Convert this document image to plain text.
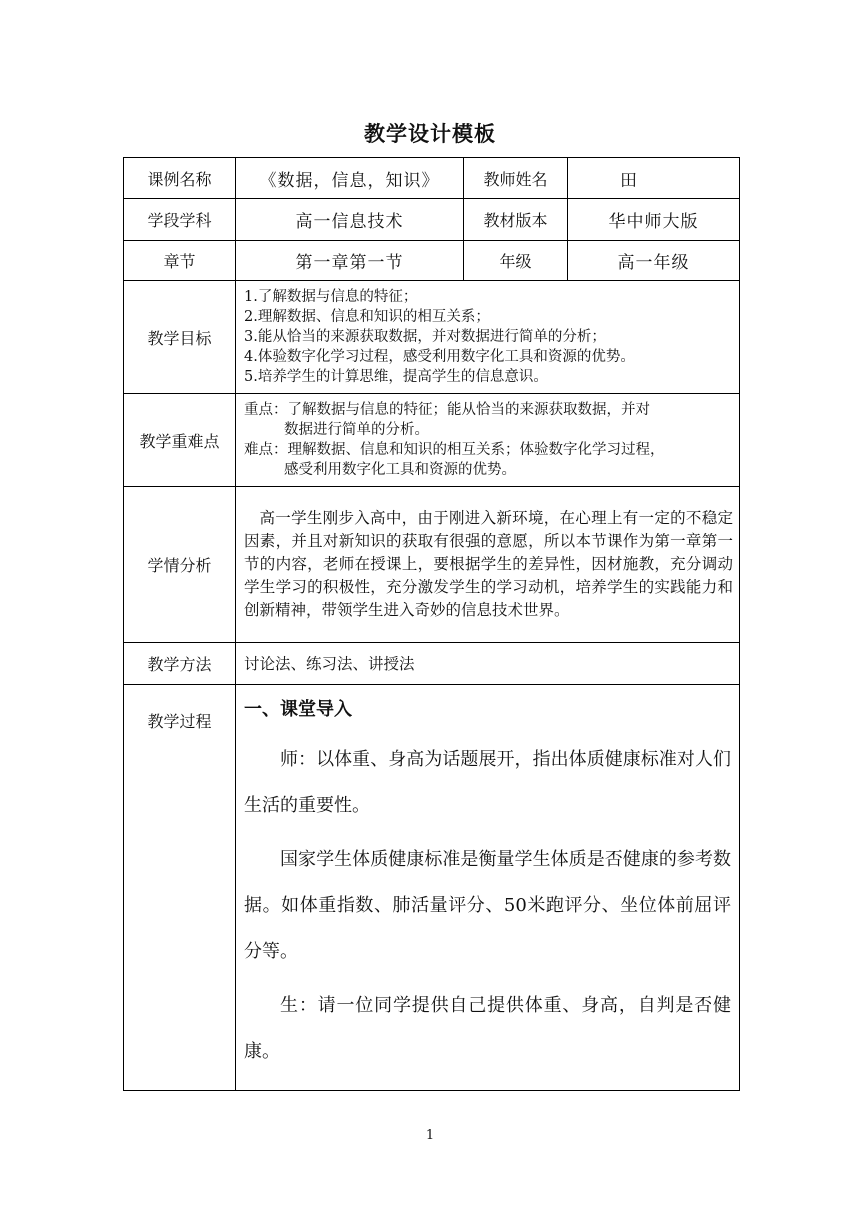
教学设计模板
课例名称	《数据，信息，知识》	教师姓名	田
学段学科	高一信息技术	教材版本	华中师大版
章节	第一章第一节	年级	高一年级
教学目标	1.了解数据与信息的特征；
2.理解数据、信息和知识的相互关系；
3.能从恰当的来源获取数据，并对数据进行简单的分析；
4.体验数字化学习过程，感受利用数字化工具和资源的优势。
5.培养学生的计算思维，提高学生的信息意识。		

教学重难点	重点：了解数据与信息的特征；能从恰当的来源获取数据，并对
数据进行简单的分析。
难点：理解数据、信息和知识的相互关系；体验数字化学习过程，
感受利用数字化工具和资源的优势。		

学情分析	高一学生刚步入高中，由于刚进入新环境，在心理上有一定的不稳定因素，并且对新知识的获取有很强的意愿，所以本节课作为第一章第一节的内容，老师在授课上，要根据学生的差异性，因材施教，充分调动学生学习的积极性，充分激发学生的学习动机，培养学生的实践能力和创新精神，带领学生进入奇妙的信息技术世界。		
教学方法	讨论法、练习法、讲授法		
教学过程	一、课堂导入

师：以体重、身高为话题展开，指出体质健康标准对人们生活的重要性。

国家学生体质健康标准是衡量学生体质是否健康的参考数据。如体重指数、肺活量评分、50米跑评分、坐位体前屈评分等。

生：请一位同学提供自己提供体重、身高，自判是否健康。		

1
